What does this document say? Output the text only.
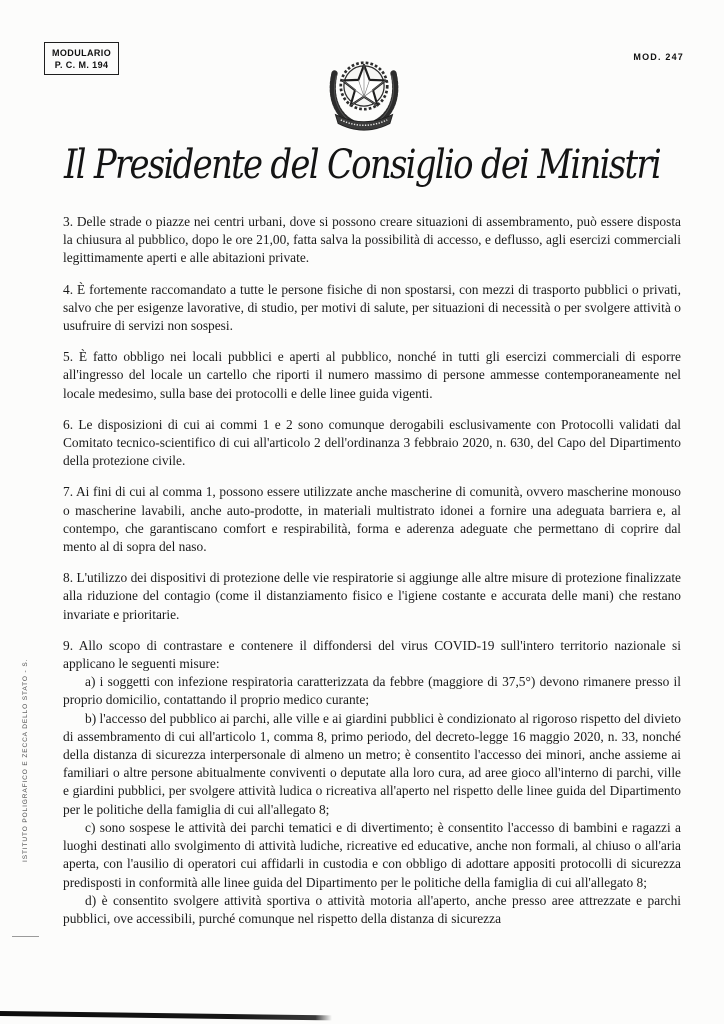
MODULARIO
P. C. M. 194
MOD. 247
Il Presidente del Consiglio dei Ministri

3. Delle strade o piazze nei centri urbani, dove si possono creare situazioni di assembramento, può essere disposta la chiusura al pubblico, dopo le ore 21,00, fatta salva la possibilità di accesso, e deflusso, agli esercizi commerciali legittimamente aperti e alle abitazioni private.

4. È fortemente raccomandato a tutte le persone fisiche di non spostarsi, con mezzi di trasporto pubblici o privati, salvo che per esigenze lavorative, di studio, per motivi di salute, per situazioni di necessità o per svolgere attività o usufruire di servizi non sospesi.

5. È fatto obbligo nei locali pubblici e aperti al pubblico, nonché in tutti gli esercizi commerciali di esporre all'ingresso del locale un cartello che riporti il numero massimo di persone ammesse contemporaneamente nel locale medesimo, sulla base dei protocolli e delle linee guida vigenti.

6. Le disposizioni di cui ai commi 1 e 2 sono comunque derogabili esclusivamente con Protocolli validati dal Comitato tecnico-scientifico di cui all'articolo 2 dell'ordinanza 3 febbraio 2020, n. 630, del Capo del Dipartimento della protezione civile.

7. Ai fini di cui al comma 1, possono essere utilizzate anche mascherine di comunità, ovvero mascherine monouso o mascherine lavabili, anche auto-prodotte, in materiali multistrato idonei a fornire una adeguata barriera e, al contempo, che garantiscano comfort e respirabilità, forma e aderenza adeguate che permettano di coprire dal mento al di sopra del naso.

8. L'utilizzo dei dispositivi di protezione delle vie respiratorie si aggiunge alle altre misure di protezione finalizzate alla riduzione del contagio (come il distanziamento fisico e l'igiene costante e accurata delle mani) che restano invariate e prioritarie.

9. Allo scopo di contrastare e contenere il diffondersi del virus COVID-19 sull'intero territorio nazionale si applicano le seguenti misure:

a) i soggetti con infezione respiratoria caratterizzata da febbre (maggiore di 37,5°) devono rimanere presso il proprio domicilio, contattando il proprio medico curante;

b) l'accesso del pubblico ai parchi, alle ville e ai giardini pubblici è condizionato al rigoroso rispetto del divieto di assembramento di cui all'articolo 1, comma 8, primo periodo, del decreto-legge 16 maggio 2020, n. 33, nonché della distanza di sicurezza interpersonale di almeno un metro; è consentito l'accesso dei minori, anche assieme ai familiari o altre persone abitualmente conviventi o deputate alla loro cura, ad aree gioco all'interno di parchi, ville e giardini pubblici, per svolgere attività ludica o ricreativa all'aperto nel rispetto delle linee guida del Dipartimento per le politiche della famiglia di cui all'allegato 8;

c) sono sospese le attività dei parchi tematici e di divertimento; è consentito l'accesso di bambini e ragazzi a luoghi destinati allo svolgimento di attività ludiche, ricreative ed educative, anche non formali, al chiuso o all'aria aperta, con l'ausilio di operatori cui affidarli in custodia e con obbligo di adottare appositi protocolli di sicurezza predisposti in conformità alle linee guida del Dipartimento per le politiche della famiglia di cui all'allegato 8;

d) è consentito svolgere attività sportiva o attività motoria all'aperto, anche presso aree attrezzate e parchi pubblici, ove accessibili, purché comunque nel rispetto della distanza di sicurezza

ISTITUTO POLIGRAFICO E ZECCA DELLO STATO - S.
